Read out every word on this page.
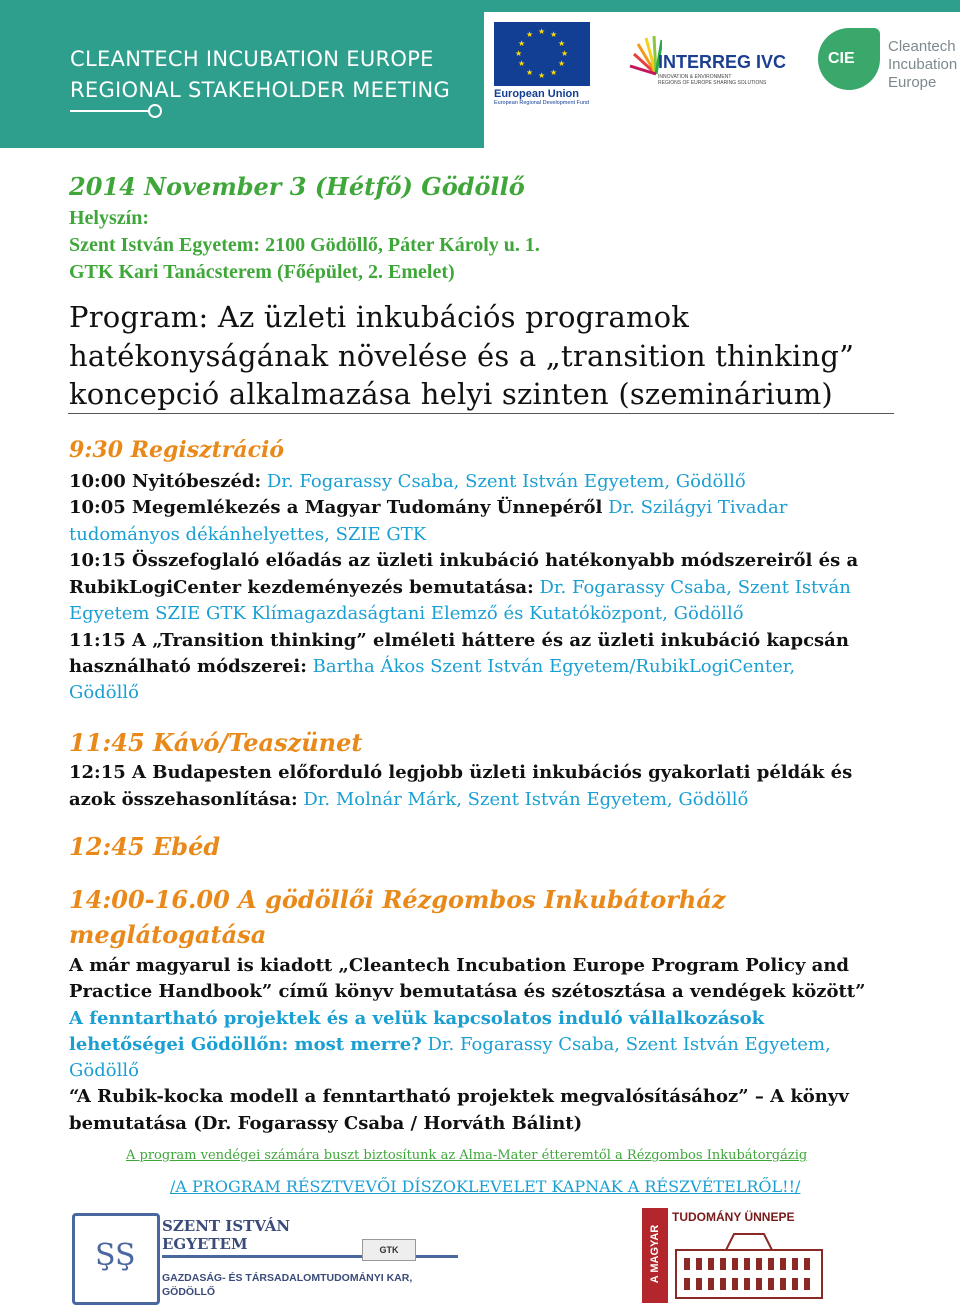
CLEANTECH INCUBATION EUROPE
REGIONAL STAKEHOLDER MEETING
★ ★
★
★
★
★
★
★
★
★
★
★
European Union
European Regional Development Fund
INTERREG IVC
INNOVATION & ENVIRONMENT
REGIONS OF EUROPE SHARING SOLUTIONS
CIE
Cleantech
Incubation
Europe
2014 November 3 (Hétfő) Gödöllő
Helyszín:
Szent István Egyetem: 2100 Gödöllő, Páter Károly u. 1.
GTK Kari Tanácsterem (Főépület, 2. Emelet)
Program: Az üzleti inkubációs programok
hatékonyságának növelése és a „transition thinking”
koncepció alkalmazása helyi szinten (szeminárium)
9:30 Regisztráció
10:00 Nyitóbeszéd: Dr. Fogarassy Csaba, Szent István Egyetem, Gödöllő
10:05 Megemlékezés a Magyar Tudomány Ünnepéről Dr. Szilágyi Tivadar
tudományos dékánhelyettes, SZIE GTK
10:15 Összefoglaló előadás az üzleti inkubáció hatékonyabb módszereiről és a
RubikLogiCenter kezdeményezés bemutatása: Dr. Fogarassy Csaba, Szent István
Egyetem SZIE GTK Klímagazdaságtani Elemző és Kutatóközpont, Gödöllő
11:15 A „Transition thinking” elméleti háttere és az üzleti inkubáció kapcsán
használható módszerei: Bartha Ákos Szent István Egyetem/RubikLogiCenter,
Gödöllő
11:45 Kávó/Teaszünet
12:15 A Budapesten előforduló legjobb üzleti inkubációs gyakorlati példák és
azok összehasonlítása: Dr. Molnár Márk, Szent István Egyetem, Gödöllő
12:45 Ebéd
14:00-16.00 A gödöllői Rézgombos Inkubátorház
meglátogatása
A már magyarul is kiadott „Cleantech Incubation Europe Program Policy and
Practice Handbook” című könyv bemutatása és szétosztása a vendégek között”
A fenntartható projektek és a velük kapcsolatos induló vállalkozások
lehetőségei Gödöllőn: most merre? Dr. Fogarassy Csaba, Szent István Egyetem,
Gödöllő
“A Rubik-kocka modell a fenntartható projektek megvalósításához” – A könyv
bemutatása (Dr. Fogarassy Csaba / Horváth Bálint)
A program vendégei számára buszt biztosítunk az Alma-Mater étteremtől a Rézgombos Inkubátorgázig
/A PROGRAM RÉSZTVEVŐI DÍSZOKLEVELET KAPNAK A RÉSZVÉTELRŐL!!/
ŞŞ
SZENT ISTVÁN
EGYETEM	GTK
GAZDASÁG- ÉS TÁRSADALOMTUDOMÁNYI KAR,
GÖDÖLLŐ
A MAGYAR
TUDOMÁNY ÜNNEPE
